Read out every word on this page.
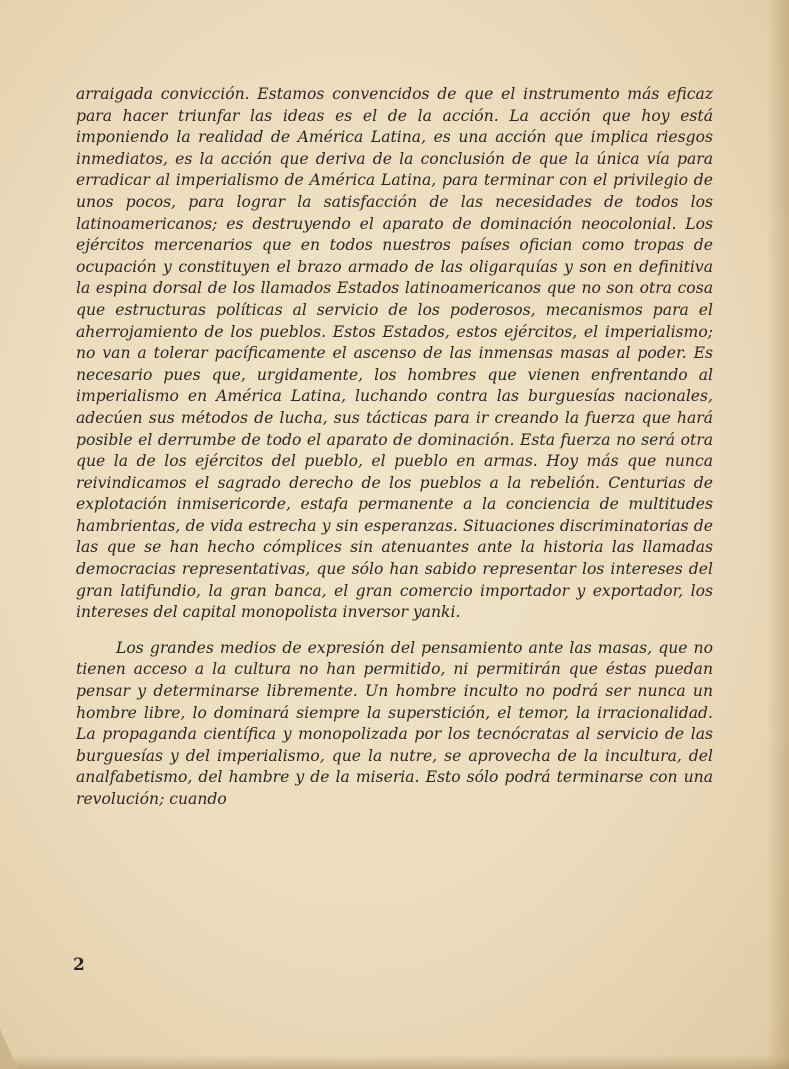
arraigada convicción. Estamos convencidos de que el instrumento más eficaz para hacer triunfar las ideas es el de la acción. La acción que hoy está imponiendo la realidad de América Latina, es una acción que implica riesgos inmediatos, es la acción que deriva de la conclusión de que la única vía para erradicar al imperialismo de América Latina, para terminar con el privilegio de unos pocos, para lograr la satisfacción de las necesidades de todos los latinoamericanos; es destruyendo el aparato de dominación neocolonial. Los ejércitos mercenarios que en todos nuestros países ofician como tropas de ocupación y constituyen el brazo armado de las oligarquías y son en definitiva la espina dorsal de los llamados Estados latinoamericanos que no son otra cosa que estructuras políticas al servicio de los poderosos, mecanismos para el aherrojamiento de los pueblos. Estos Estados, estos ejércitos, el imperialismo; no van a tolerar pacíficamente el ascenso de las inmensas masas al poder. Es necesario pues que, urgidamente, los hombres que vienen enfrentando al imperialismo en América Latina, luchando contra las burguesías nacionales, adecúen sus métodos de lucha, sus tácticas para ir creando la fuerza que hará posible el derrumbe de todo el aparato de dominación. Esta fuerza no será otra que la de los ejércitos del pueblo, el pueblo en armas. Hoy más que nunca reivindicamos el sagrado derecho de los pueblos a la rebelión. Centurias de explotación inmisericorde, estafa permanente a la conciencia de multitudes hambrientas, de vida estrecha y sin esperanzas. Situaciones discriminatorias de las que se han hecho cómplices sin atenuantes ante la historia las llamadas democracias representativas, que sólo han sabido representar los intereses del gran latifundio, la gran banca, el gran comercio importador y exportador, los intereses del capital monopolista inversor yanki.

Los grandes medios de expresión del pensamiento ante las masas, que no tienen acceso a la cultura no han permitido, ni permitirán que éstas puedan pensar y determinarse libremente. Un hombre inculto no podrá ser nunca un hombre libre, lo dominará siempre la superstición, el temor, la irracionalidad. La propaganda científica y monopolizada por los tecnócratas al servicio de las burguesías y del imperialismo, que la nutre, se aprovecha de la incultura, del analfabetismo, del hambre y de la miseria. Esto sólo podrá terminarse con una revolución; cuando

2
